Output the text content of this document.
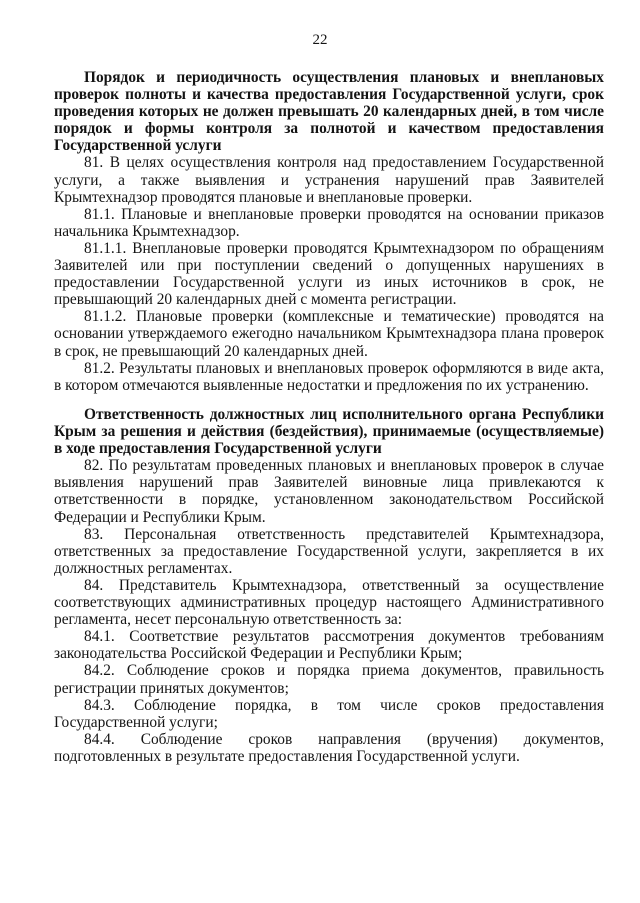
22

Порядок и периодичность осуществления плановых и внеплановых проверок полноты и качества предоставления Государственной услуги, срок проведения которых не должен превышать 20 календарных дней, в том числе порядок и формы контроля за полнотой и качеством предоставления Государственной услуги

81. В целях осуществления контроля над предоставлением Государственной услуги, а также выявления и устранения нарушений прав Заявителей Крымтехнадзор проводятся плановые и внеплановые проверки.

81.1. Плановые и внеплановые проверки проводятся на основании приказов начальника Крымтехнадзор.

81.1.1. Внеплановые проверки проводятся Крымтехнадзором по обращениям Заявителей или при поступлении сведений о допущенных нарушениях в предоставлении Государственной услуги из иных источников в срок, не превышающий 20 календарных дней с момента регистрации.

81.1.2. Плановые проверки (комплексные и тематические) проводятся на основании утверждаемого ежегодно начальником Крымтехнадзора плана проверок в срок, не превышающий 20 календарных дней.

81.2. Результаты плановых и внеплановых проверок оформляются в виде акта, в котором отмечаются выявленные недостатки и предложения по их устранению.

Ответственность должностных лиц исполнительного органа Республики Крым за решения и действия (бездействия), принимаемые (осуществляемые) в ходе предоставления Государственной услуги

82. По результатам проведенных плановых и внеплановых проверок в случае выявления нарушений прав Заявителей виновные лица привлекаются к ответственности в порядке, установленном законодательством Российской Федерации и Республики Крым.

83. Персональная ответственность представителей Крымтехнадзора, ответственных за предоставление Государственной услуги, закрепляется в их должностных регламентах.

84. Представитель Крымтехнадзора, ответственный за осуществление соответствующих административных процедур настоящего Административного регламента, несет персональную ответственность за:

84.1. Соответствие результатов рассмотрения документов требованиям законодательства Российской Федерации и Республики Крым;

84.2. Соблюдение сроков и порядка приема документов, правильность регистрации принятых документов;

84.3. Соблюдение порядка, в том числе сроков предоставления Государственной услуги;

84.4. Соблюдение сроков направления (вручения) документов, подготовленных в результате предоставления Государственной услуги.
